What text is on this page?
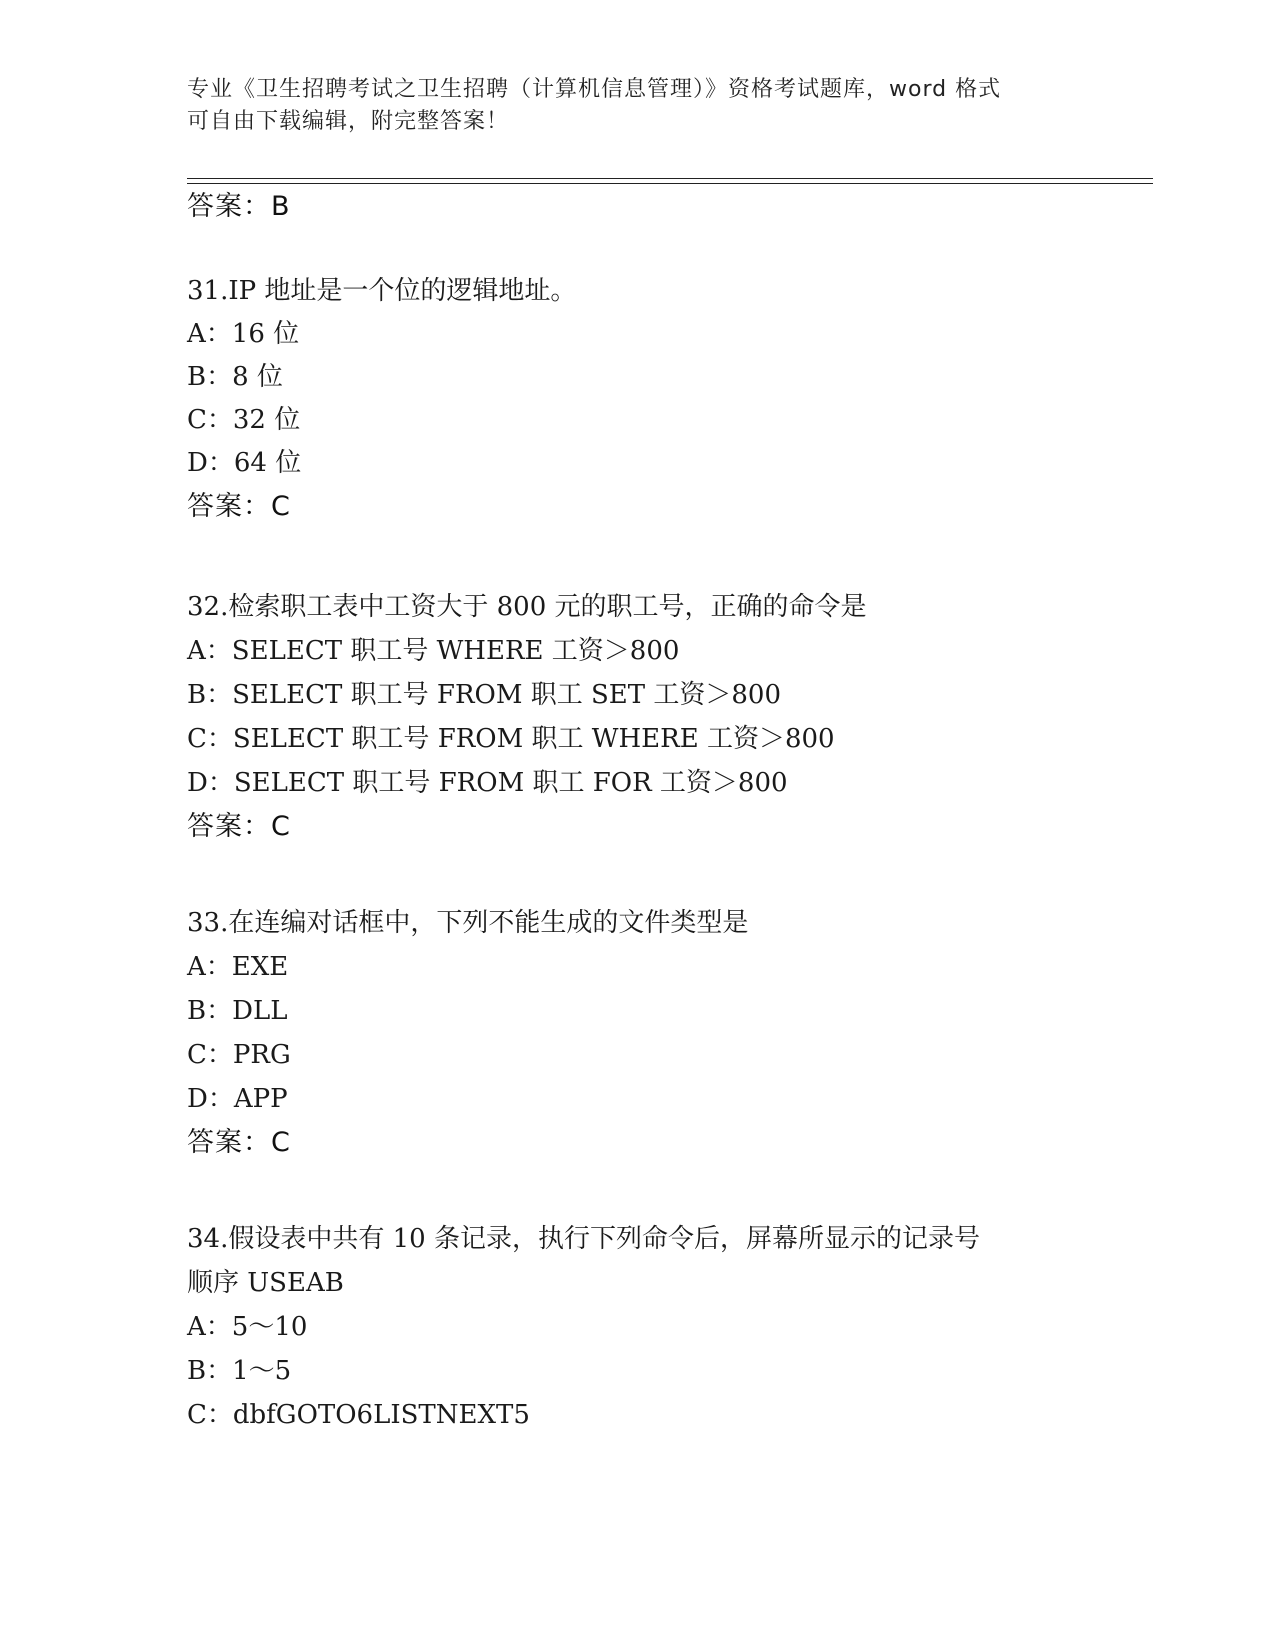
专业《卫生招聘考试之卫生招聘（计算机信息管理）》资格考试题库，word 格式
可自由下载编辑，附完整答案！
答案：B
31.IP 地址是一个位的逻辑地址。
A：16 位
B：8 位
C：32 位
D：64 位
答案：C
32.检索职工表中工资大于 800 元的职工号，正确的命令是
A：SELECT 职工号 WHERE 工资＞800
B：SELECT 职工号 FROM 职工 SET 工资＞800
C：SELECT 职工号 FROM 职工 WHERE 工资＞800
D：SELECT 职工号 FROM 职工 FOR 工资＞800
答案：C
33.在连编对话框中，下列不能生成的文件类型是
A：EXE
B：DLL
C：PRG
D：APP
答案：C
34.假设表中共有 10 条记录，执行下列命令后，屏幕所显示的记录号
顺序 USEAB
A：5～10
B：1～5
C：dbfGOTO6LISTNEXT5
